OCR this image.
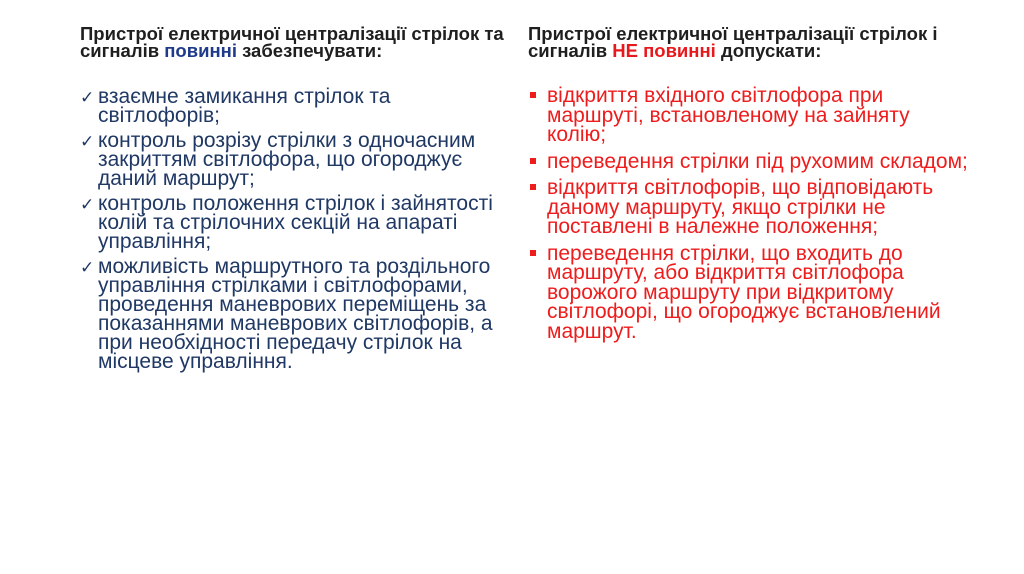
Пристрої електричної централізації стрілок та сигналів повинні забезпечувати:

✓ взаємне замикання стрілок та світлофорів;
✓ контроль розрізу стрілки з одночасним закриттям світлофора, що огороджує даний маршрут;
✓ контроль положення стрілок і зайнятості колій та стрілочних секцій на апараті управління;
✓ можливість маршрутного та роздільного управління стрілками і світлофорами, проведення маневрових переміщень за показаннями маневрових світлофорів, а при необхідності передачу стрілок на місцеве управління.

Пристрої електричної централізації стрілок і сигналів НЕ повинні допускати:

відкриття вхідного світлофора при маршруті, встановленому на зайняту колію;
переведення стрілки під рухомим складом;
відкриття світлофорів, що відповідають даному маршруту, якщо стрілки не поставлені в належне положення;
переведення стрілки, що входить до маршруту, або відкриття світлофора ворожого маршруту при відкритому світлофорі, що огороджує встановлений маршрут.
